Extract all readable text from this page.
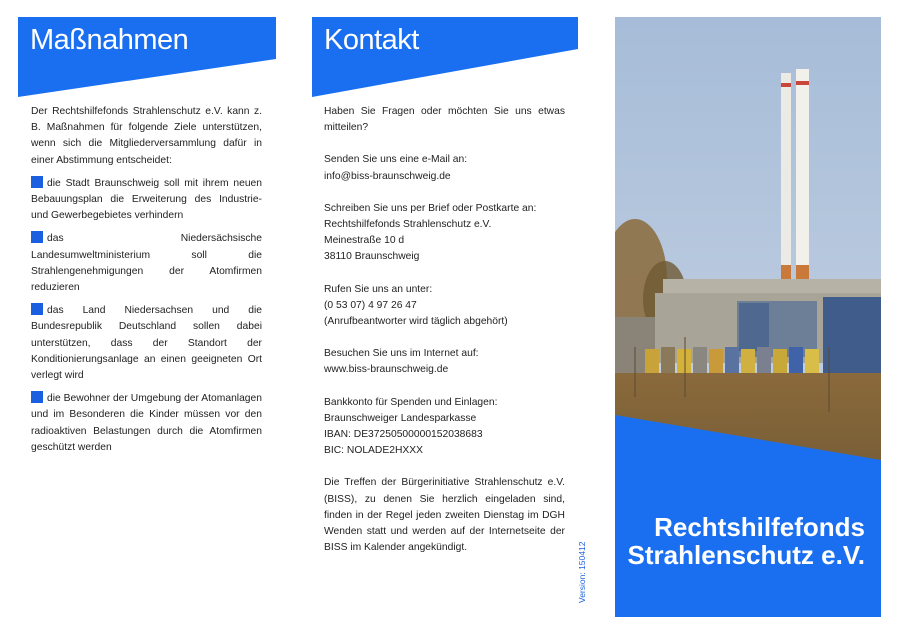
Maßnahmen

Der Rechtshilfefonds Strahlenschutz e.V. kann z. B. Maßnahmen für folgende Ziele unterstützen, wenn sich die Mitgliederversammlung dafür in einer Abstimmung entscheidet:

die Stadt Braunschweig soll mit ihrem neuen Bebauungsplan die Erweiterung des Industrie- und Gewerbegebietes verhindern

das Niedersächsische Landesumweltministerium soll die Strahlengenehmigungen der Atomfirmen reduzieren

das Land Niedersachsen und die Bundesrepublik Deutschland sollen dabei unterstützen, dass der Standort der Konditionierungsanlage an einen geeigneten Ort verlegt wird

die Bewohner der Umgebung der Atomanlagen und im Besonderen die Kinder müssen vor den radioaktiven Belastungen durch die Atomfirmen geschützt werden

Kontakt

Haben Sie Fragen oder möchten Sie uns etwas mitteilen?

Senden Sie uns eine e-Mail an:

info@biss-braunschweig.de

Schreiben Sie uns per Brief oder Postkarte an:

Rechtshilfefonds Strahlenschutz e.V.

Meinestraße 10 d

38110 Braunschweig

Rufen Sie uns an unter:

(0 53 07) 4 97 26 47

(Anrufbeantworter wird täglich abgehört)

Besuchen Sie uns im Internet auf:

www.biss-braunschweig.de

Bankkonto für Spenden und Einlagen:

Braunschweiger Landesparkasse

IBAN: DE37250500000152038683

BIC: NOLADE2HXXX

Die Treffen der Bürgerinitiative Strahlenschutz e.V. (BISS), zu denen Sie herzlich eingeladen sind, finden in der Regel jeden zweiten Dienstag im DGH Wenden statt und werden auf der Internetseite der BISS im Kalender angekündigt.	Version: 150412
Rechtshilfefonds
Strahlenschutz e.V.
